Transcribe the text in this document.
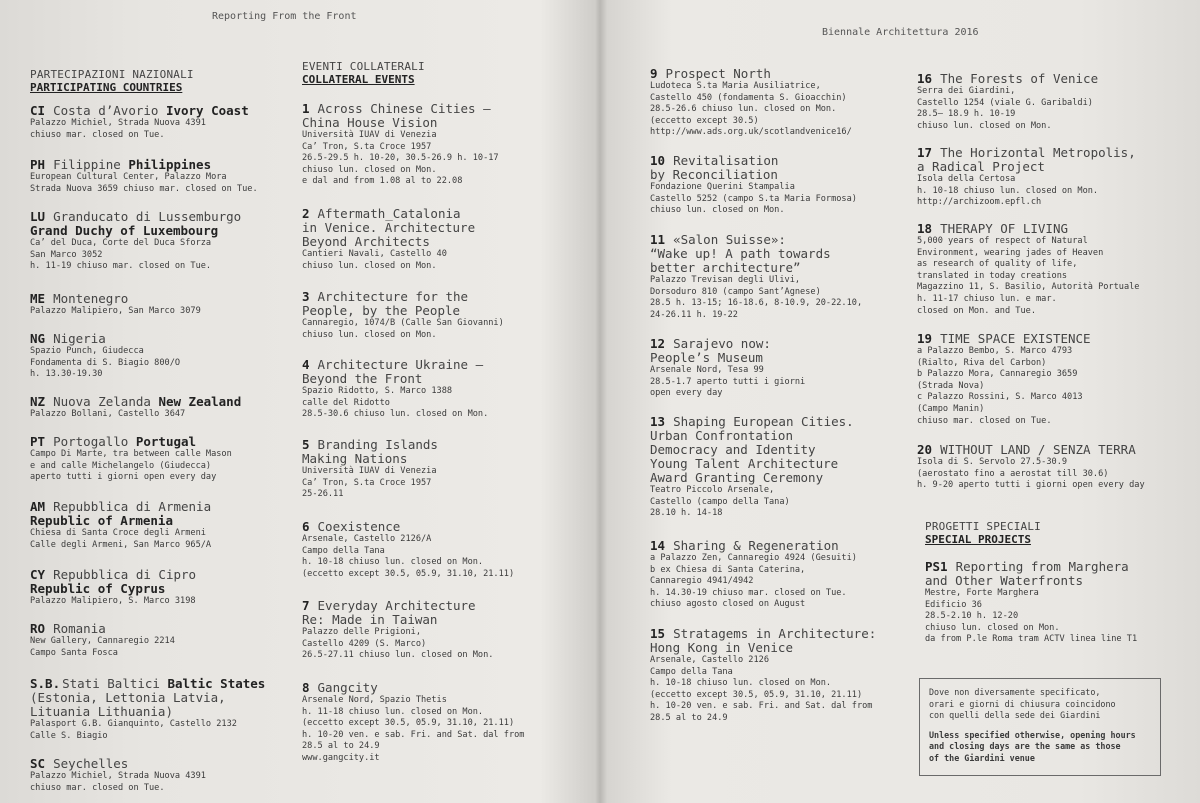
Reporting From the Front
Biennale Architettura 2016
PARTECIPAZIONI NAZIONALI
PARTICIPATING COUNTRIES
CI Costa d’Avorio Ivory Coast
Palazzo Michiel, Strada Nuova 4391
chiuso mar. closed on Tue.
PH Filippine Philippines
European Cultural Center, Palazzo Mora
Strada Nuova 3659 chiuso mar. closed on Tue.
LU Granducato di Lussemburgo
Grand Duchy of Luxembourg
Ca’ del Duca, Corte del Duca Sforza
San Marco 3052
h. 11-19 chiuso mar. closed on Tue.
ME Montenegro
Palazzo Malipiero, San Marco 3079
NG Nigeria
Spazio Punch, Giudecca
Fondamenta di S. Biagio 800/O
h. 13.30-19.30
NZ Nuova Zelanda New Zealand
Palazzo Bollani, Castello 3647
PT Portogallo Portugal
Campo Di Marte, tra between calle Mason
e and calle Michelangelo (Giudecca)
aperto tutti i giorni open every day
AM Repubblica di Armenia
Republic of Armenia
Chiesa di Santa Croce degli Armeni
Calle degli Armeni, San Marco 965/A
CY Repubblica di Cipro
Republic of Cyprus
Palazzo Malipiero, S. Marco 3198
RO Romania
New Gallery, Cannaregio 2214
Campo Santa Fosca
S.B. Stati Baltici Baltic States
(Estonia, Lettonia Latvia,
Lituania Lithuania)
Palasport G.B. Gianquinto, Castello 2132
Calle S. Biagio
SC Seychelles
Palazzo Michiel, Strada Nuova 4391
chiuso mar. closed on Tue.
EVENTI COLLATERALI
COLLATERAL EVENTS
1 Across Chinese Cities –
China House Vision
Università IUAV di Venezia
Ca’ Tron, S.ta Croce 1957
26.5-29.5 h. 10-20, 30.5-26.9 h. 10-17
chiuso lun. closed on Mon.
e dal and from 1.08 al to 22.08
2 Aftermath_Catalonia
in Venice. Architecture
Beyond Architects
Cantieri Navali, Castello 40
chiuso lun. closed on Mon.
3 Architecture for the
People, by the People
Cannaregio, 1074/B (Calle San Giovanni)
chiuso lun. closed on Mon.
4 Architecture Ukraine –
Beyond the Front
Spazio Ridotto, S. Marco 1388
calle del Ridotto
28.5-30.6 chiuso lun. closed on Mon.
5 Branding Islands
Making Nations
Università IUAV di Venezia
Ca’ Tron, S.ta Croce 1957
25-26.11
6 Coexistence
Arsenale, Castello 2126/A
Campo della Tana
h. 10-18 chiuso lun. closed on Mon.
(eccetto except 30.5, 05.9, 31.10, 21.11)
7 Everyday Architecture
Re: Made in Taiwan
Palazzo delle Prigioni,
Castello 4209 (S. Marco)
26.5-27.11 chiuso lun. closed on Mon.
8 Gangcity
Arsenale Nord, Spazio Thetis
h. 11-18 chiuso lun. closed on Mon.
(eccetto except 30.5, 05.9, 31.10, 21.11)
h. 10-20 ven. e sab. Fri. and Sat. dal from
28.5 al to 24.9
www.gangcity.it
9 Prospect North
Ludoteca S.ta Maria Ausiliatrice,
Castello 450 (fondamenta S. Gioacchin)
28.5-26.6 chiuso lun. closed on Mon.
(eccetto except 30.5)
http://www.ads.org.uk/scotlandvenice16/
10 Revitalisation
by Reconciliation
Fondazione Querini Stampalia
Castello 5252 (campo S.ta Maria Formosa)
chiuso lun. closed on Mon.
11 «Salon Suisse»:
“Wake up! A path towards
better architecture”
Palazzo Trevisan degli Ulivi,
Dorsoduro 810 (campo Sant’Agnese)
28.5 h. 13-15; 16-18.6, 8-10.9, 20-22.10,
24-26.11 h. 19-22
12 Sarajevo now:
People’s Museum
Arsenale Nord, Tesa 99
28.5-1.7 aperto tutti i giorni
open every day
13 Shaping European Cities.
Urban Confrontation
Democracy and Identity
Young Talent Architecture
Award Granting Ceremony
Teatro Piccolo Arsenale,
Castello (campo della Tana)
28.10 h. 14-18
14 Sharing & Regeneration
a Palazzo Zen, Cannaregio 4924 (Gesuiti)
b ex Chiesa di Santa Caterina,
Cannaregio 4941/4942
h. 14.30-19 chiuso mar. closed on Tue.
chiuso agosto closed on August
15 Stratagems in Architecture:
Hong Kong in Venice
Arsenale, Castello 2126
Campo della Tana
h. 10-18 chiuso lun. closed on Mon.
(eccetto except 30.5, 05.9, 31.10, 21.11)
h. 10-20 ven. e sab. Fri. and Sat. dal from
28.5 al to 24.9
16 The Forests of Venice
Serra dei Giardini,
Castello 1254 (viale G. Garibaldi)
28.5– 18.9 h. 10-19
chiuso lun. closed on Mon.
17 The Horizontal Metropolis,
a Radical Project
Isola della Certosa
h. 10-18 chiuso lun. closed on Mon.
http://archizoom.epfl.ch
18 THERAPY OF LIVING
5,000 years of respect of Natural
Environment, wearing jades of Heaven
as research of quality of life,
translated in today creations
Magazzino 11, S. Basilio, Autorità Portuale
h. 11-17 chiuso lun. e mar.
closed on Mon. and Tue.
19 TIME SPACE EXISTENCE
a Palazzo Bembo, S. Marco 4793
(Rialto, Riva del Carbon)
b Palazzo Mora, Cannaregio 3659
(Strada Nova)
c Palazzo Rossini, S. Marco 4013
(Campo Manin)
chiuso mar. closed on Tue.
20 WITHOUT LAND / SENZA TERRA
Isola di S. Servolo 27.5-30.9
(aerostato fino a aerostat till 30.6)
h. 9-20 aperto tutti i giorni open every day
PROGETTI SPECIALI
SPECIAL PROJECTS
PS1 Reporting from Marghera
and Other Waterfronts
Mestre, Forte Marghera
Edificio 36
28.5-2.10 h. 12-20
chiuso lun. closed on Mon.
da from P.le Roma tram ACTV linea line T1
Dove non diversamente specificato,
orari e giorni di chiusura coincidono
con quelli della sede dei Giardini
Unless specified otherwise, opening hours
and closing days are the same as those
of the Giardini venue
